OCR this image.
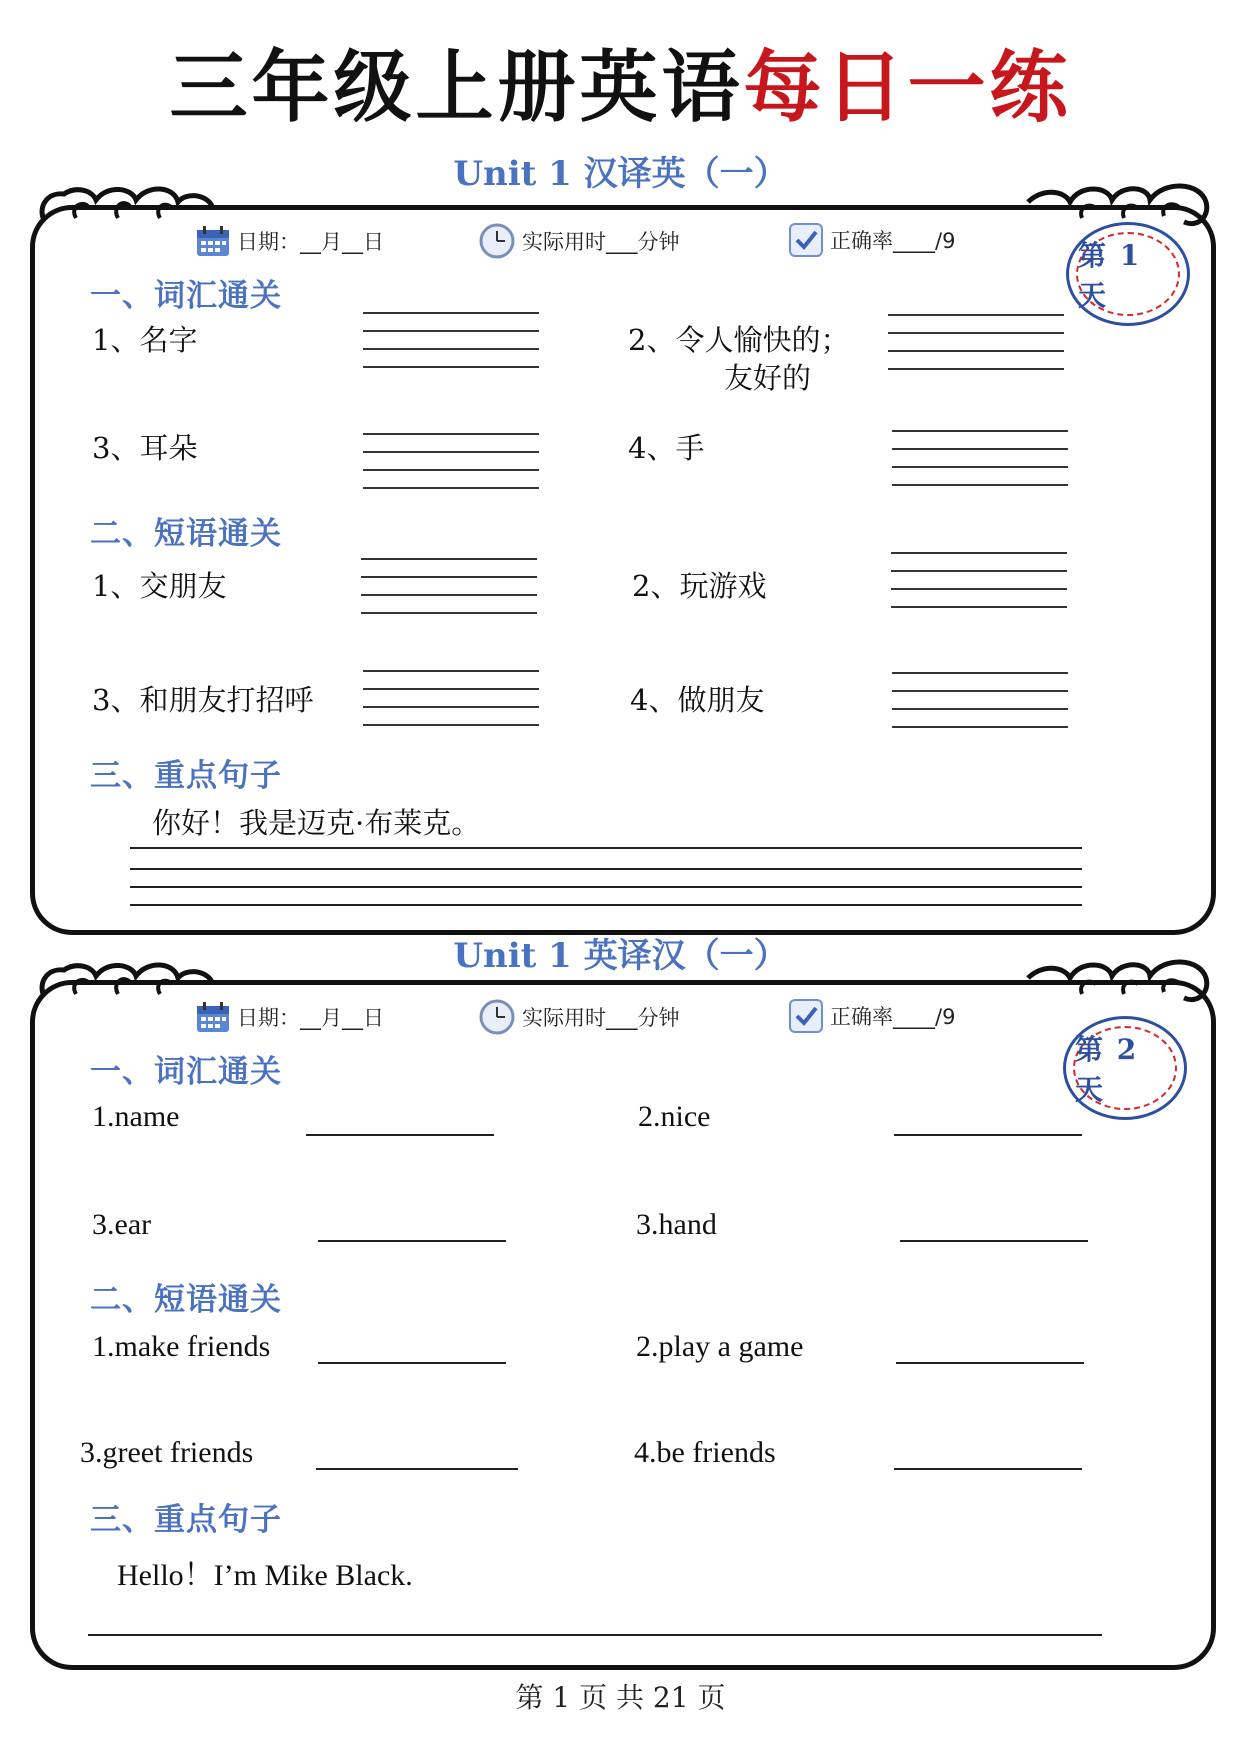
三年级上册英语每日一练
Unit 1 汉译英（一）
日期：__月__日	实际用时___分钟	正确率____/9	第 1 天
一、词汇通关
1、名字	2、令人愉快的；
友好的
3、耳朵	4、手
二、短语通关
1、交朋友	2、玩游戏
3、和朋友打招呼	4、做朋友
三、重点句子
你好！我是迈克·布莱克。
Unit 1 英译汉（一）
日期：__月__日	实际用时___分钟	正确率____/9
第 2 天
一、词汇通关
1.name	2.nice
3.ear	3.hand
二、短语通关
1.make friends	2.play a game
3.greet friends	4.be friends
三、重点句子
Hello！I’m Mike Black.
第 1 页 共 21 页
